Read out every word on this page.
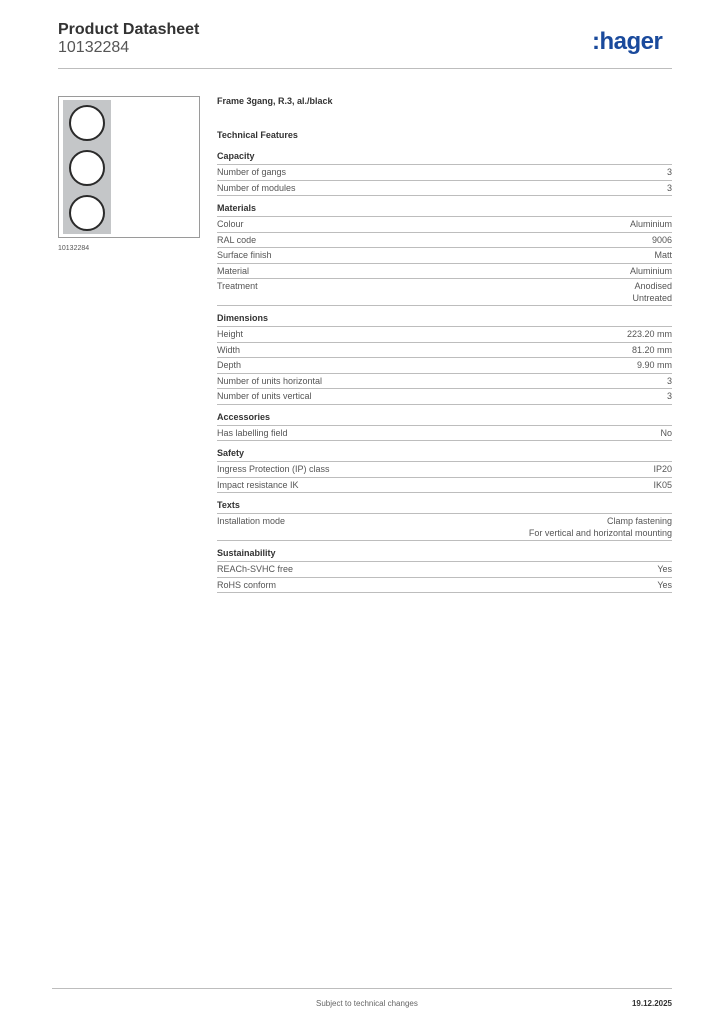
Product Datasheet
10132284	:hager
10132284
Frame 3gang, R.3, al./black
Technical Features
Capacity
Number of gangs	3
Number of modules	3
Materials
Colour	Aluminium
RAL code	9006
Surface finish	Matt
Material	Aluminium
Treatment	Anodised
Untreated
Dimensions
Height	223.20 mm
Width	81.20 mm
Depth	9.90 mm
Number of units horizontal	3
Number of units vertical	3
Accessories
Has labelling field	No
Safety
Ingress Protection (IP) class	IP20
Impact resistance IK	IK05
Texts
Installation mode	Clamp fastening
For vertical and horizontal mounting
Sustainability
REACh-SVHC free	Yes
RoHS conform	Yes
Subject to technical changes	19.12.2025
